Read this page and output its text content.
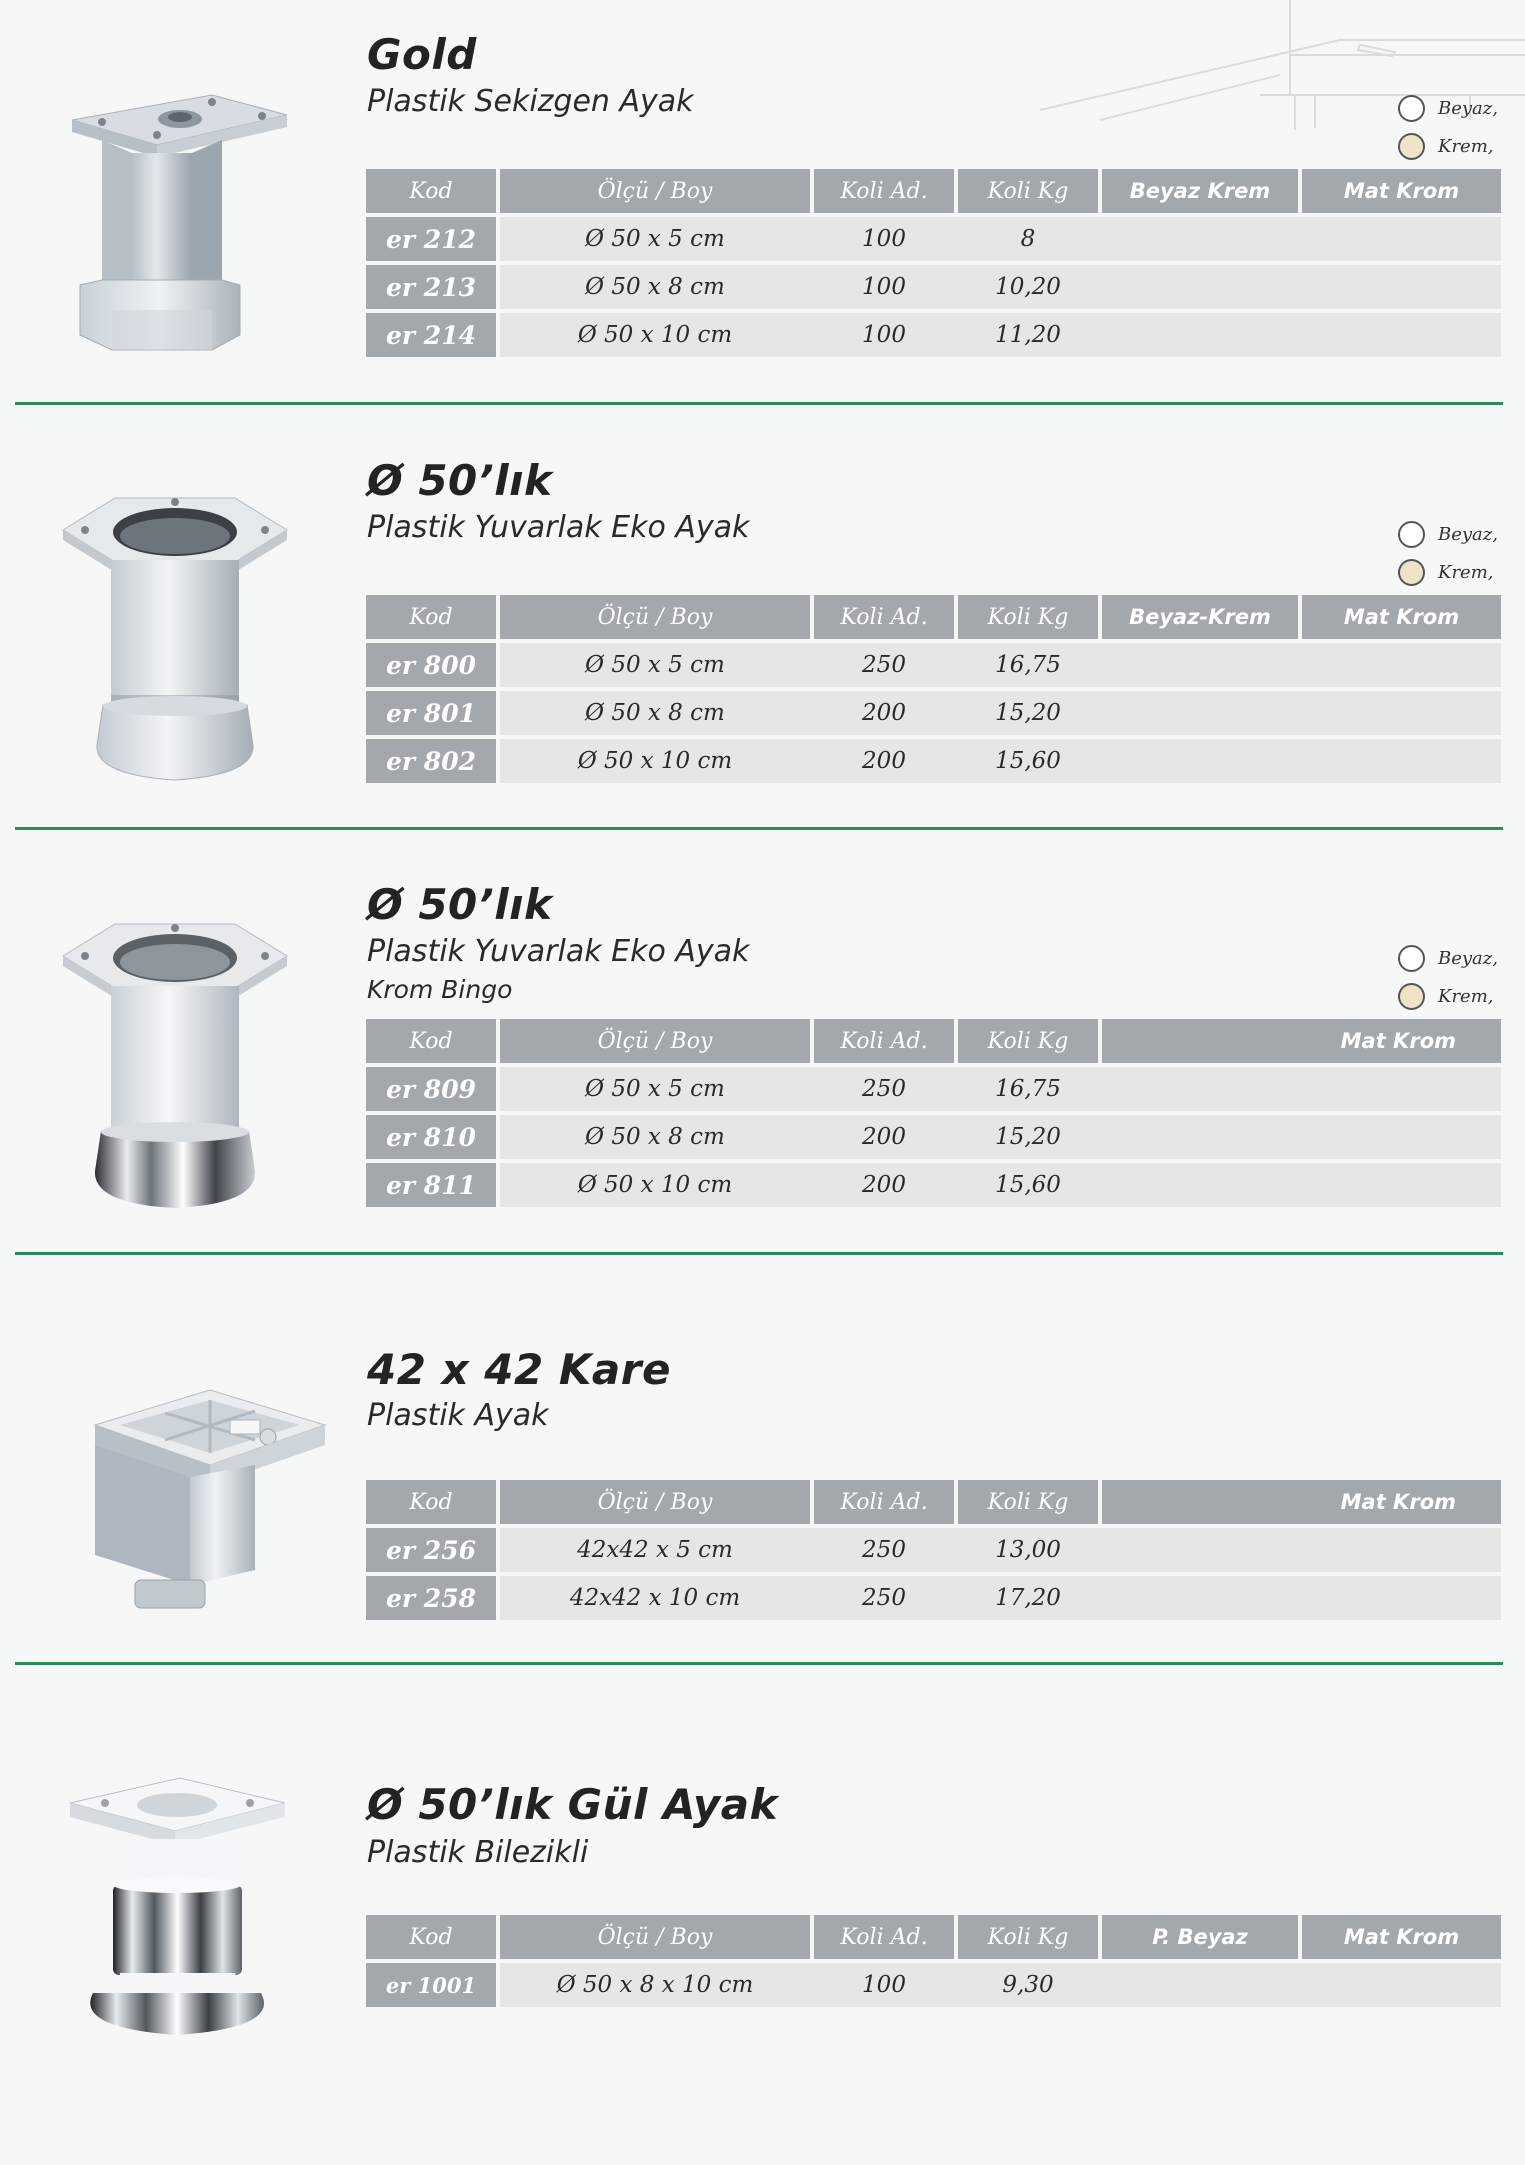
Gold
Plastik Sekizgen Ayak	Beyaz,
Krem,
Kod	Ölçü / Boy	Koli Ad.	Koli Kg	Beyaz Krem	Mat Krom
er 212	Ø 50 x 5 cm	100	8
er 213	Ø 50 x 8 cm	100	10,20
er 214	Ø 50 x 10 cm	100	11,20
Ø 50’lık
Plastik Yuvarlak Eko Ayak	Beyaz,
Krem,
Kod	Ölçü / Boy	Koli Ad.	Koli Kg	Beyaz-Krem	Mat Krom
er 800	Ø 50 x 5 cm	250	16,75
er 801	Ø 50 x 8 cm	200	15,20
er 802	Ø 50 x 10 cm	200	15,60
Ø 50’lık
Plastik Yuvarlak Eko Ayak
Krom Bingo
Beyaz,
Krem,
Kod	Ölçü / Boy	Koli Ad.	Koli Kg	Mat Krom
er 809	Ø 50 x 5 cm	250	16,75
er 810	Ø 50 x 8 cm	200	15,20
er 811	Ø 50 x 10 cm	200	15,60
42 x 42 Kare
Plastik Ayak
Kod	Ölçü / Boy	Koli Ad.	Koli Kg	Mat Krom
er 256	42x42 x 5 cm	250	13,00
er 258	42x42 x 10 cm	250	17,20
Ø 50’lık Gül Ayak
Plastik Bilezikli
Kod	Ölçü / Boy	Koli Ad.	Koli Kg	P. Beyaz	Mat Krom
er 1001	Ø 50 x 8 x 10 cm	100	9,30
